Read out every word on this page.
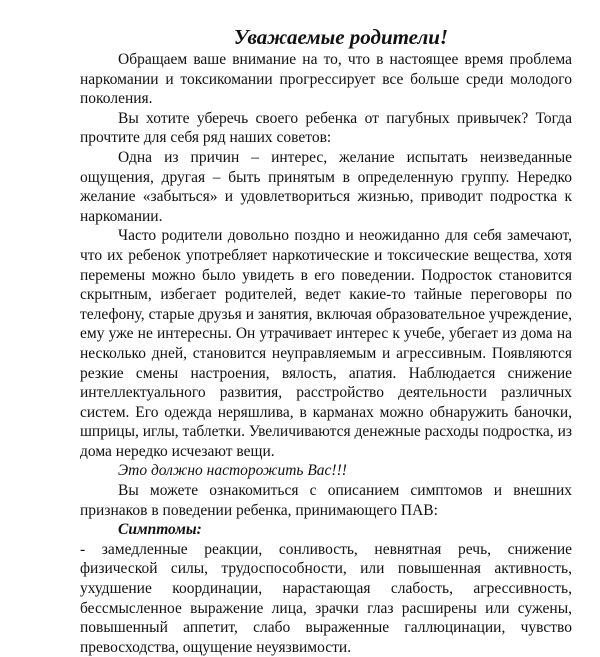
Уважаемые родители!

Обращаем ваше внимание на то, что в настоящее время проблема наркомании и токсикомании прогрессирует все больше среди молодого поколения.

Вы хотите уберечь своего ребенка от пагубных привычек? Тогда прочтите для себя ряд наших советов:

Одна из причин – интерес, желание испытать неизведанные ощущения, другая – быть принятым в определенную группу. Нередко желание «забыться» и удовлетвориться жизнью, приводит подростка к наркомании.

Часто родители довольно поздно и неожиданно для себя замечают, что их ребенок употребляет наркотические и токсические вещества, хотя перемены можно было увидеть в его поведении. Подросток становится скрытным, избегает родителей, ведет какие-то тайные переговоры по телефону, старые друзья и занятия, включая образовательное учреждение, ему уже не интересны. Он утрачивает интерес к учебе, убегает из дома на несколько дней, становится неуправляемым и агрессивным. Появляются резкие смены настроения, вялость, апатия. Наблюдается снижение интеллектуального развития, расстройство деятельности различных систем. Его одежда неряшлива, в карманах можно обнаружить баночки, шприцы, иглы, таблетки. Увеличиваются денежные расходы подростка, из дома нередко исчезают вещи.

Это должно насторожить Вас!!!

Вы можете ознакомиться с описанием симптомов и внешних признаков в поведении ребенка, принимающего ПАВ:

Симптомы:

- замедленные реакции, сонливость, невнятная речь, снижение физической силы, трудоспособности, или повышенная активность, ухудшение координации, нарастающая слабость, агрессивность, бессмысленное выражение лица, зрачки глаз расширены или сужены, повышенный аппетит, слабо выраженные галлюцинации, чувство превосходства, ощущение неуязвимости.
